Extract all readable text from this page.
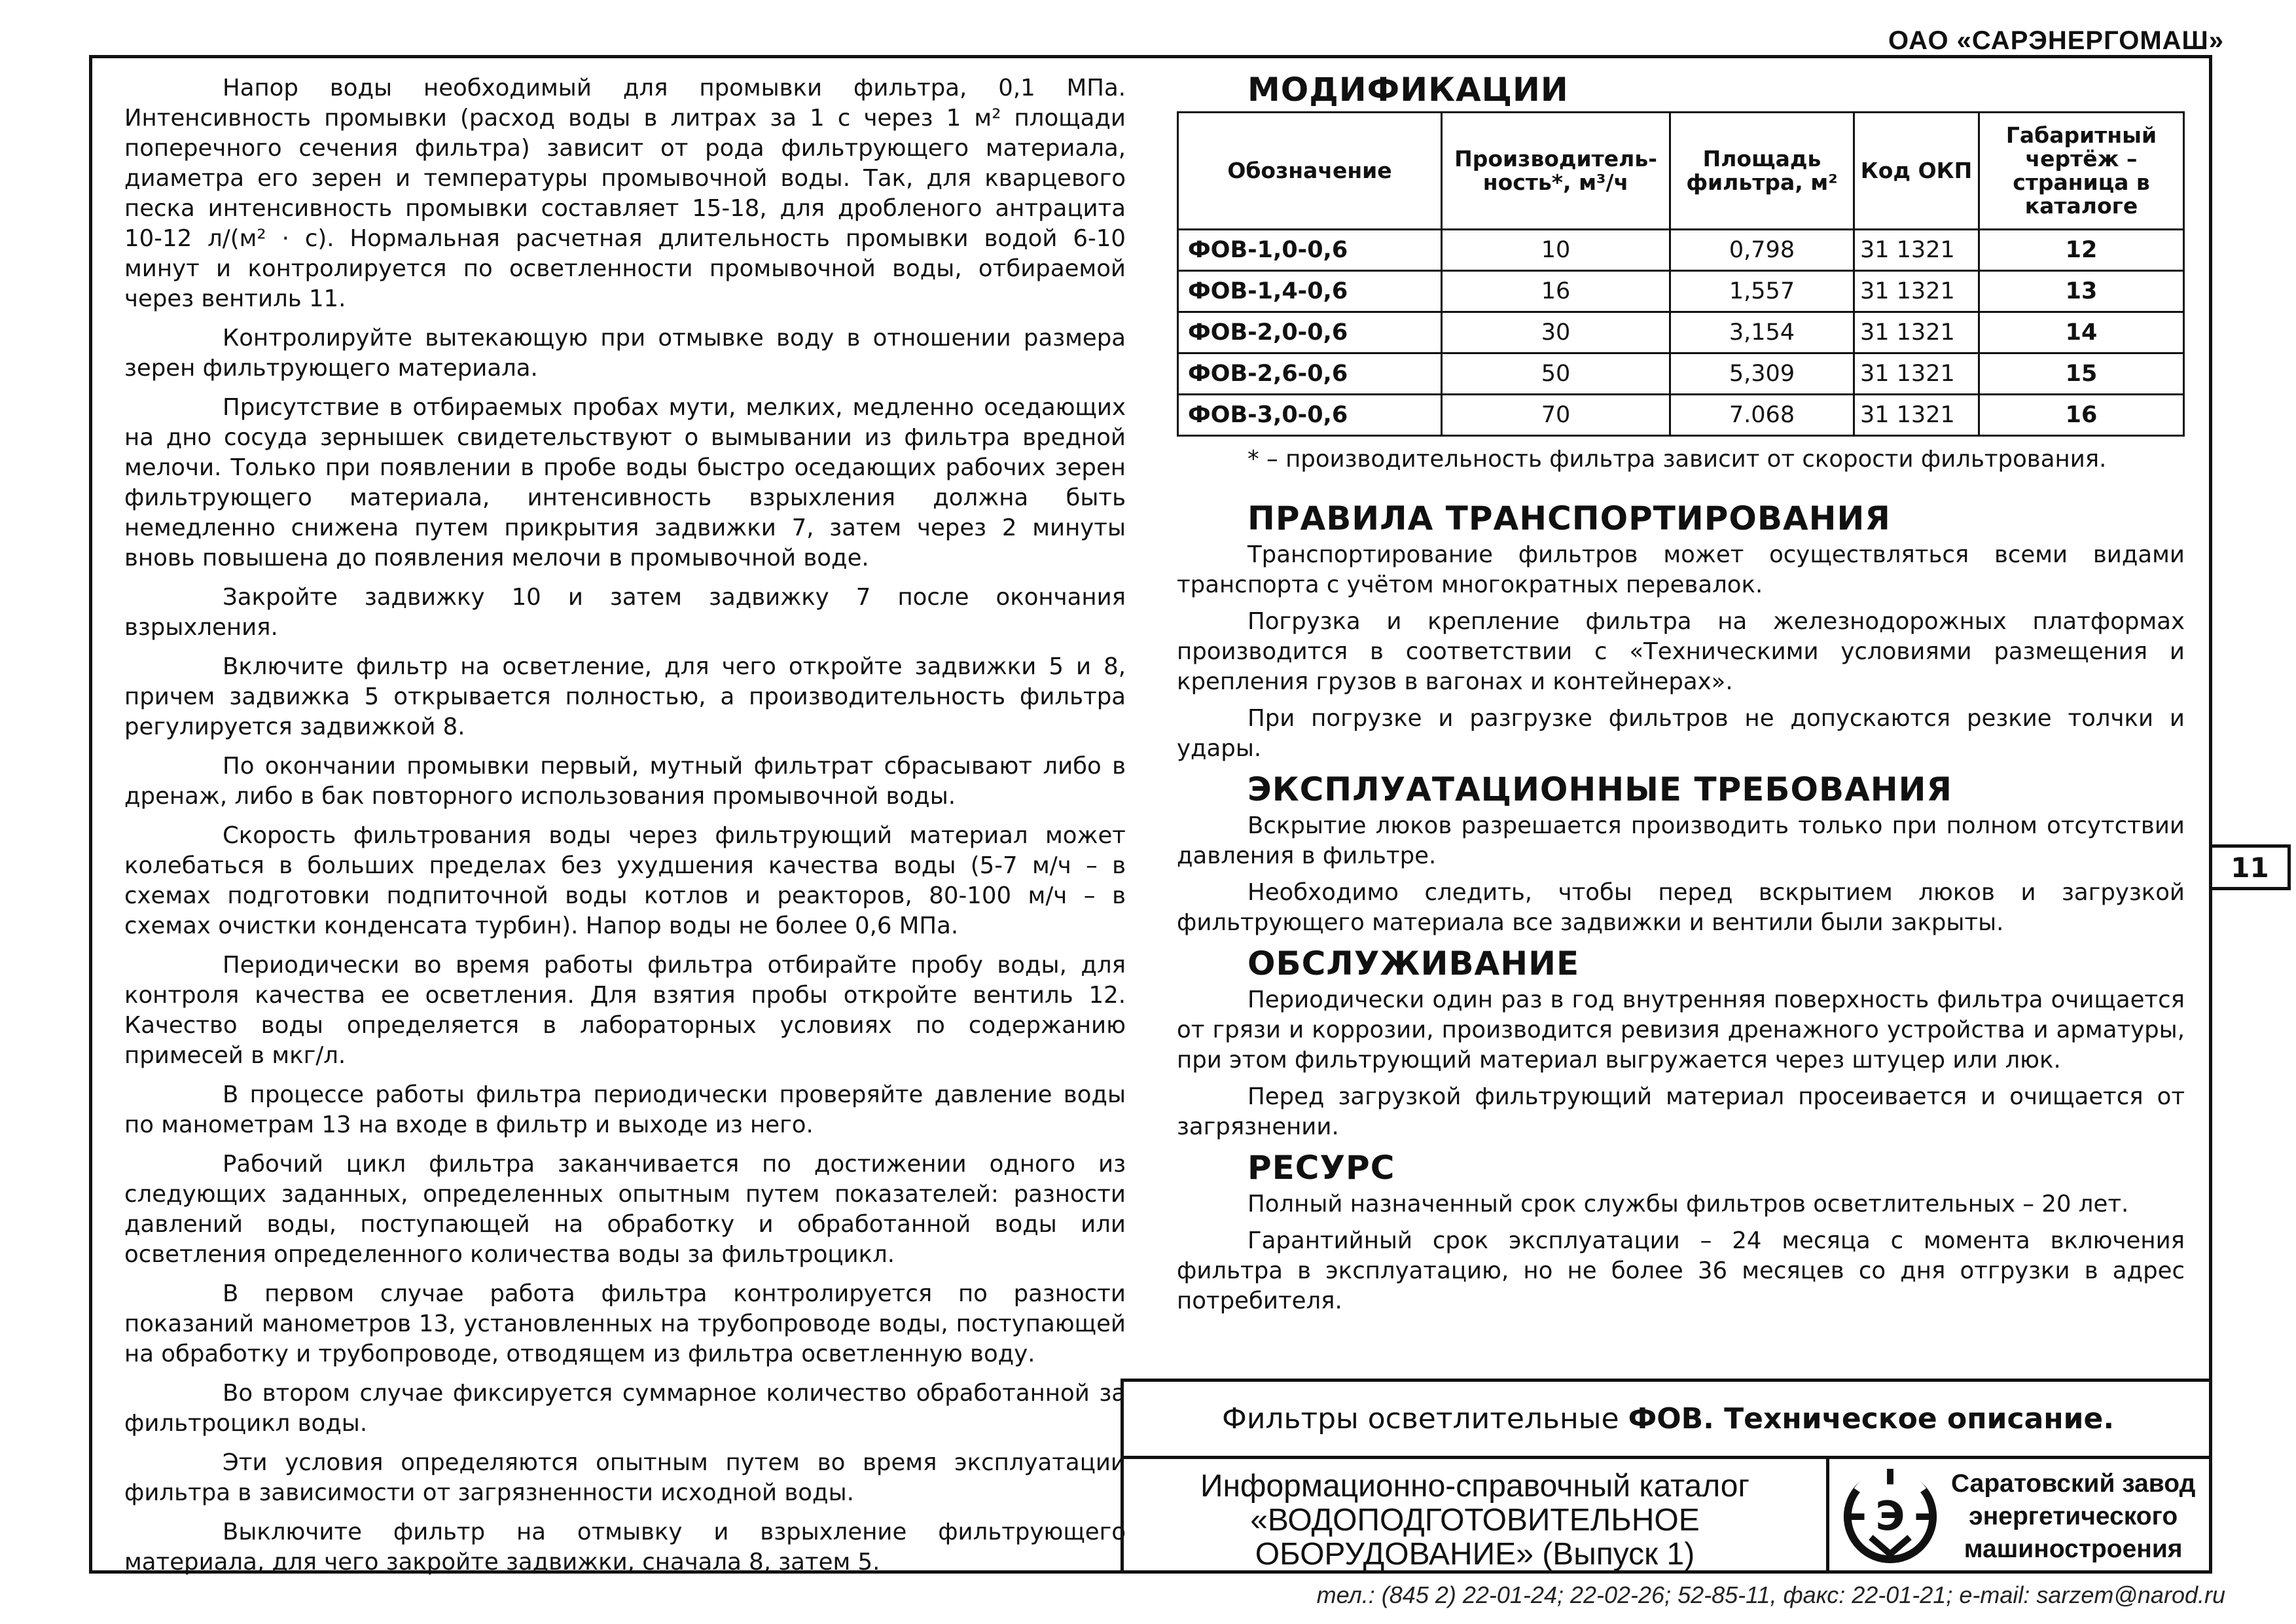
ОАО «САРЭНЕРГОМАШ»

Напор воды необходимый для промывки фильтра, 0,1 МПа. Интенсивность промывки (расход воды в литрах за 1 с через 1 м² площади поперечного сечения фильтра) зависит от рода фильтрующего материала, диаметра его зерен и температуры промывочной воды. Так, для кварцевого песка интенсивность промывки составляет 15-18, для дробленого антрацита 10-12 л/(м² · с). Нормальная расчетная длительность промывки водой 6-10 минут и контролируется по осветленности промывочной воды, отбираемой через вентиль 11.

Контролируйте вытекающую при отмывке воду в отношении размера зерен фильтрующего материала.

Присутствие в отбираемых пробах мути, мелких, медленно оседающих на дно сосуда зернышек свидетельствуют о вымывании из фильтра вредной мелочи. Только при появлении в пробе воды быстро оседающих рабочих зерен фильтрующего материала, интенсивность взрыхления должна быть немедленно снижена путем прикрытия задвижки 7, затем через 2 минуты вновь повышена до появления мелочи в промывочной воде.

Закройте задвижку 10 и затем задвижку 7 после окончания взрыхления.

Включите фильтр на осветление, для чего откройте задвижки 5 и 8, причем задвижка 5 открывается полностью, а производительность фильтра регулируется задвижкой 8.

По окончании промывки первый, мутный фильтрат сбрасывают либо в дренаж, либо в бак повторного использования промывочной воды.

Скорость фильтрования воды через фильтрующий материал может колебаться в больших пределах без ухудшения качества воды (5-7 м/ч – в схемах подготовки подпиточной воды котлов и реакторов, 80-100 м/ч – в схемах очистки конденсата турбин). Напор воды не более 0,6 МПа.

Периодически во время работы фильтра отбирайте пробу воды, для контроля качества ее осветления. Для взятия пробы откройте вентиль 12. Качество воды определяется в лабораторных условиях по содержанию примесей в мкг/л.

В процессе работы фильтра периодически проверяйте давление воды по манометрам 13 на входе в фильтр и выходе из него.

Рабочий цикл фильтра заканчивается по достижении одного из следующих заданных, определенных опытным путем показателей: разности давлений воды, поступающей на обработку и обработанной воды или осветления определенного количества воды за фильтроцикл.

В первом случае работа фильтра контролируется по разности показаний манометров 13, установленных на трубопроводе воды, поступающей на обработку и трубопроводе, отводящем из фильтра осветленную воду.

Во втором случае фиксируется суммарное количество обработанной за фильтроцикл воды.

Эти условия определяются опытным путем во время эксплуатации фильтра в зависимости от загрязненности исходной воды.

Выключите фильтр на отмывку и взрыхление фильтрующего материала, для чего закройте задвижки, сначала 8, затем 5.

МОДИФИКАЦИИ
Обозначение	Производитель-ность*, м³/ч	Площадь фильтра, м²	Код ОКП	Габаритный чертёж – страница в каталоге
ФОВ-1,0-0,6	10	0,798	31 1321	12
ФОВ-1,4-0,6	16	1,557	31 1321	13
ФОВ-2,0-0,6	30	3,154	31 1321	14
ФОВ-2,6-0,6	50	5,309	31 1321	15
ФОВ-3,0-0,6	70	7.068	31 1321	16

* – производительность фильтра зависит от скорости фильтрования.

ПРАВИЛА ТРАНСПОРТИРОВАНИЯ

Транспортирование фильтров может осуществляться всеми видами транспорта с учётом многократных перевалок.

Погрузка и крепление фильтра на железнодорожных платформах производится в соответствии с «Техническими условиями размещения и крепления грузов в вагонах и контейнерах».

При погрузке и разгрузке фильтров не допускаются резкие толчки и удары.

ЭКСПЛУАТАЦИОННЫЕ ТРЕБОВАНИЯ

Вскрытие люков разрешается производить только при полном отсутствии давления в фильтре.

Необходимо следить, чтобы перед вскрытием люков и загрузкой фильтрующего материала все задвижки и вентили были закрыты.

ОБСЛУЖИВАНИЕ

Периодически один раз в год внутренняя поверхность фильтра очищается от грязи и коррозии, производится ревизия дренажного устройства и арматуры, при этом фильтрующий материал выгружается через штуцер или люк.

Перед загрузкой фильтрующий материал просеивается и очищается от загрязнении.

РЕСУРС

Полный назначенный срок службы фильтров осветлительных – 20 лет.

Гарантийный срок эксплуатации – 24 месяца с момента включения фильтра в эксплуатацию, но не более 36 месяцев со дня отгрузки в адрес потребителя.

11
Фильтры осветлительные ФОВ. Техническое описание.
Информационно-справочный каталог
«ВОДОПОДГОТОВИТЕЛЬНОЕ
ОБОРУДОВАНИЕ» (Выпуск 1)
Э
Саратовский завод
энергетического
машиностроения
тел.: (845 2) 22-01-24; 22-02-26; 52-85-11, факс: 22-01-21; e-mail: sarzem@narod.ru
